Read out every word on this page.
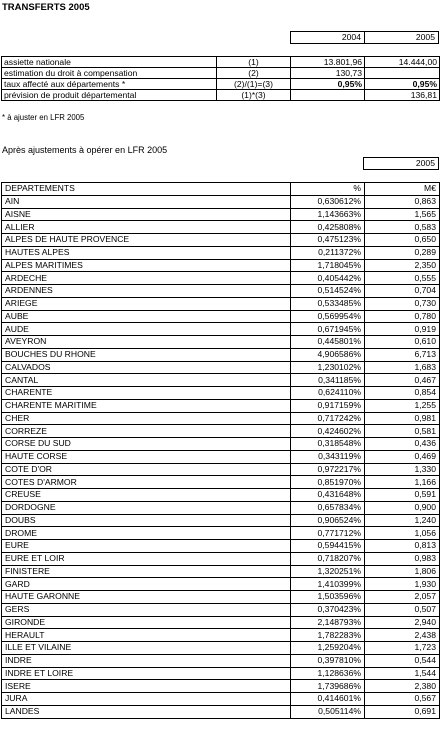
TRANSFERTS 2005
2004	2005
assiette nationale	(1)	13.801,96	14.444,00
estimation du droit à compensation	(2)	130,73	
taux affecté aux départements *	(2)/(1)=(3)	0,95%	0,95%
prévision de produit départemental	(1)*(3)		136,81
* à ajuster en LFR 2005
Après ajustements à opérer en LFR 2005
2005
DEPARTEMENTS	%	M€
AIN	0,630612%	0,863
AISNE	1,143663%	1,565
ALLIER	0,425808%	0,583
ALPES DE HAUTE PROVENCE	0,475123%	0,650
HAUTES ALPES	0,211372%	0,289
ALPES MARITIMES	1,718045%	2,350
ARDECHE	0,405442%	0,555
ARDENNES	0,514524%	0,704
ARIEGE	0,533485%	0,730
AUBE	0,569954%	0,780
AUDE	0,671945%	0,919
AVEYRON	0,445801%	0,610
BOUCHES DU RHONE	4,906586%	6,713
CALVADOS	1,230102%	1,683
CANTAL	0,341185%	0,467
CHARENTE	0,624110%	0,854
CHARENTE MARITIME	0,917159%	1,255
CHER	0,717242%	0,981
CORREZE	0,424602%	0,581
CORSE DU SUD	0,318548%	0,436
HAUTE CORSE	0,343119%	0,469
COTE D'OR	0,972217%	1,330
COTES D'ARMOR	0,851970%	1,166
CREUSE	0,431648%	0,591
DORDOGNE	0,657834%	0,900
DOUBS	0,906524%	1,240
DROME	0,771712%	1,056
EURE	0,594415%	0,813
EURE ET LOIR	0,718207%	0,983
FINISTERE	1,320251%	1,806
GARD	1,410399%	1,930
HAUTE GARONNE	1,503596%	2,057
GERS	0,370423%	0,507
GIRONDE	2,148793%	2,940
HERAULT	1,782283%	2,438
ILLE ET VILAINE	1,259204%	1,723
INDRE	0,397810%	0,544
INDRE ET LOIRE	1,128636%	1,544
ISERE	1,739686%	2,380
JURA	0,414601%	0,567
LANDES	0,505114%	0,691
